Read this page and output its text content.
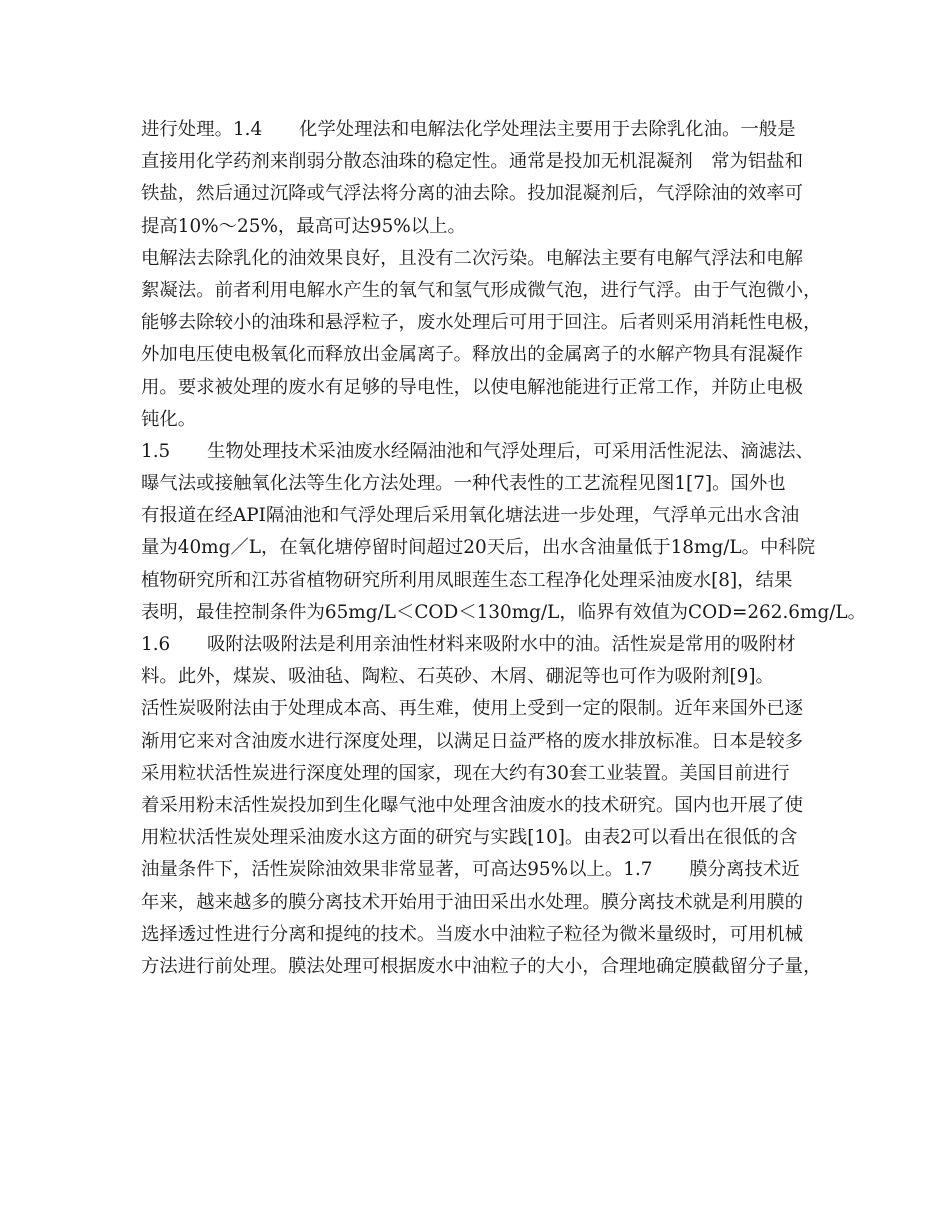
进行处理。1.4　　化学处理法和电解法化学处理法主要用于去除乳化油。一般是
直接用化学药剂来削弱分散态油珠的稳定性。通常是投加无机混凝剂　常为铝盐和
铁盐，然后通过沉降或气浮法将分离的油去除。投加混凝剂后，气浮除油的效率可
提高10%～25%，最高可达95%以上。
电解法去除乳化的油效果良好，且没有二次污染。电解法主要有电解气浮法和电解
絮凝法。前者利用电解水产生的氧气和氢气形成微气泡，进行气浮。由于气泡微小，
能够去除较小的油珠和悬浮粒子，废水处理后可用于回注。后者则采用消耗性电极，
外加电压使电极氧化而释放出金属离子。释放出的金属离子的水解产物具有混凝作
用。要求被处理的废水有足够的导电性，以使电解池能进行正常工作，并防止电极
钝化。
1.5　　生物处理技术采油废水经隔油池和气浮处理后，可采用活性泥法、滴滤法、
曝气法或接触氧化法等生化方法处理。一种代表性的工艺流程见图1[7]。国外也
有报道在经API隔油池和气浮处理后采用氧化塘法进一步处理，气浮单元出水含油
量为40mg／L，在氧化塘停留时间超过20天后，出水含油量低于18mg/L。中科院
植物研究所和江苏省植物研究所利用凤眼莲生态工程净化处理采油废水[8]，结果
表明，最佳控制条件为65mg/L＜COD＜130mg/L，临界有效值为COD=262.6mg/L。
1.6　　吸附法吸附法是利用亲油性材料来吸附水中的油。活性炭是常用的吸附材
料。此外，煤炭、吸油毡、陶粒、石英砂、木屑、硼泥等也可作为吸附剂[9]。
活性炭吸附法由于处理成本高、再生难，使用上受到一定的限制。近年来国外已逐
渐用它来对含油废水进行深度处理，以满足日益严格的废水排放标准。日本是较多
采用粒状活性炭进行深度处理的国家，现在大约有30套工业装置。美国目前进行
着采用粉末活性炭投加到生化曝气池中处理含油废水的技术研究。国内也开展了使
用粒状活性炭处理采油废水这方面的研究与实践[10]。由表2可以看出在很低的含
油量条件下，活性炭除油效果非常显著，可高达95%以上。1.7　　膜分离技术近
年来，越来越多的膜分离技术开始用于油田采出水处理。膜分离技术就是利用膜的
选择透过性进行分离和提纯的技术。当废水中油粒子粒径为微米量级时，可用机械
方法进行前处理。膜法处理可根据废水中油粒子的大小，合理地确定膜截留分子量，
